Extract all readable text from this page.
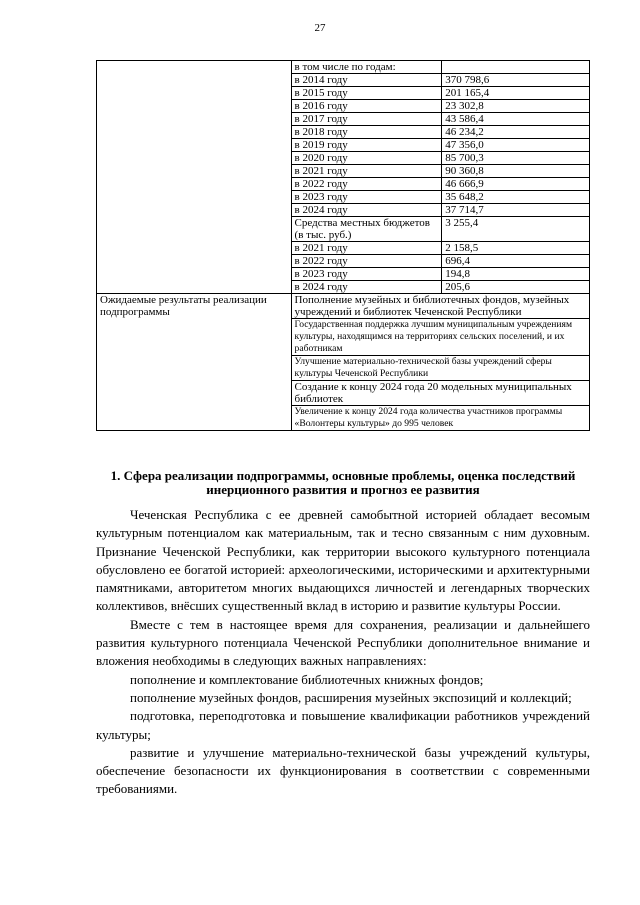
27
	в том числе по годам:	
	в 2014 году	370 798,6
	в 2015 году	201 165,4
	в 2016 году	23 302,8
	в 2017 году	43 586,4
	в 2018 году	46 234,2
	в 2019 году	47 356,0
	в 2020 году	85 700,3
	в 2021 году	90 360,8
	в 2022 году	46 666,9
	в 2023 году	35 648,2
	в 2024 году	37 714,7
	Средства местных бюджетов (в тыс. руб.)	3 255,4
	в 2021 году	2 158,5
	в 2022 году	696,4
	в 2023 году	194,8
	в 2024 году	205,6
Ожидаемые результаты реализации подпрограммы	Пополнение музейных и библиотечных фондов, музейных учреждений и библиотек Чеченской Республики	
	Государственная поддержка лучшим муниципальным учреждениям культуры, находящимся на территориях сельских поселений, и их работникам	
	Улучшение материально-технической базы учреждений сферы культуры Чеченской Республики	
	Создание к концу 2024 года 20 модельных муниципальных библиотек	
	Увеличение к концу 2024 года количества участников программы «Волонтеры культуры» до 995 человек	
1. Сфера реализации подпрограммы, основные проблемы, оценка последствий инерционного развития и прогноз ее развития

Чеченская Республика с ее древней самобытной историей обладает весомым культурным потенциалом как материальным, так и тесно связанным с ним духовным. Признание Чеченской Республики, как территории высокого культурного потенциала обусловлено ее богатой историей: археологическими, историческими и архитектурными памятниками, авторитетом многих выдающихся личностей и легендарных творческих коллективов, внёсших существенный вклад в историю и развитие культуры России.

Вместе с тем в настоящее время для сохранения, реализации и дальнейшего развития культурного потенциала Чеченской Республики дополнительное внимание и вложения необходимы в следующих важных направлениях:

пополнение и комплектование библиотечных книжных фондов;

пополнение музейных фондов, расширения музейных экспозиций и коллекций;

подготовка, переподготовка и повышение квалификации работников учреждений культуры;

развитие и улучшение материально-технической базы учреждений культуры, обеспечение безопасности их функционирования в соответствии с современными требованиями.
